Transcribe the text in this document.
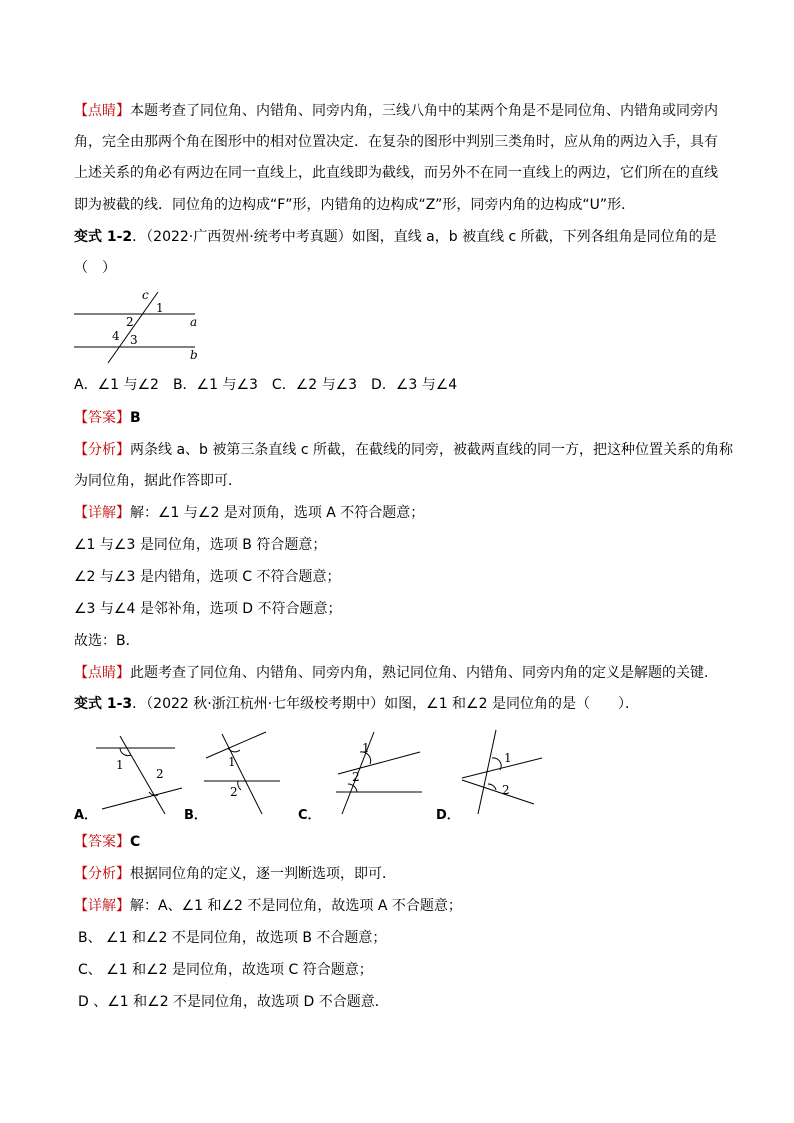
【点睛】本题考查了同位角、内错角、同旁内角，三线八角中的某两个角是不是同位角、内错角或同旁内
角，完全由那两个角在图形中的相对位置决定．在复杂的图形中判别三类角时，应从角的两边入手，具有
上述关系的角必有两边在同一直线上，此直线即为截线，而另外不在同一直线上的两边，它们所在的直线
即为被截的线．同位角的边构成“F”形，内错角的边构成“Z”形，同旁内角的边构成“U”形．
变式 1-2．（2022·广西贺州·统考中考真题）如图，直线 a，b 被直线 c 所截，下列各组角是同位角的是
（　）
c
1
2	a
4 3
b
A．∠1 与∠2　B．∠1 与∠3　C．∠2 与∠3　D．∠3 与∠4
【答案】B
【分析】两条线 a、b 被第三条直线 c 所截，在截线的同旁，被截两直线的同一方，把这种位置关系的角称
为同位角，据此作答即可．
【详解】解：∠1 与∠2 是对顶角，选项 A 不符合题意；
∠1 与∠3 是同位角，选项 B 符合题意；
∠2 与∠3 是内错角，选项 C 不符合题意；
∠3 与∠4 是邻补角，选项 D 不符合题意；
故选：B．
【点睛】此题考查了同位角、内错角、同旁内角，熟记同位角、内错角、同旁内角的定义是解题的关键．
变式 1-3．（2022 秋·浙江杭州·七年级校考期中）如图，∠1 和∠2 是同位角的是（　　）．
1
2
A．
1
2
B．
1
2
C．
1
2
D．
【答案】C
【分析】根据同位角的定义，逐一判断选项，即可．
【详解】解：A、∠1 和∠2 不是同位角，故选项 A 不合题意；
B、 ∠1 和∠2 不是同位角，故选项 B 不合题意；
C、 ∠1 和∠2 是同位角，故选项 C 符合题意；
D 、∠1 和∠2 不是同位角，故选项 D 不合题意．
